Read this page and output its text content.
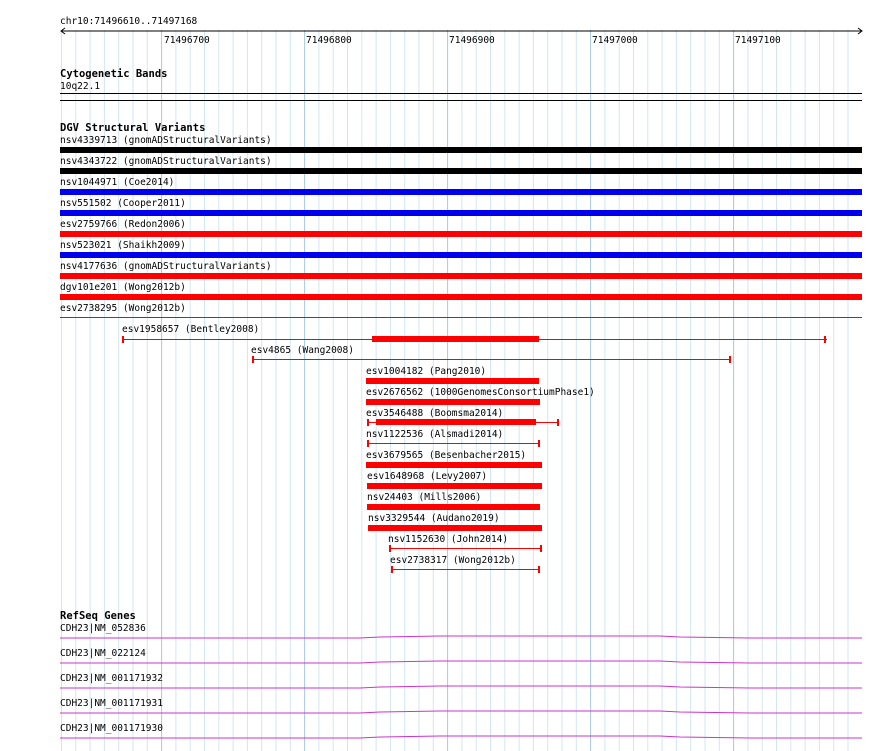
chr10:71496610..71497168
71496700	71496800	71496900	71497000	71497100
Cytogenetic Bands
10q22.1
DGV Structural Variants
nsv4339713 (gnomADStructuralVariants)
nsv4343722 (gnomADStructuralVariants)
nsv1044971 (Coe2014)
nsv551502 (Cooper2011)
esv2759766 (Redon2006)
nsv523021 (Shaikh2009)
nsv4177636 (gnomADStructuralVariants)
dgv101e201 (Wong2012b)
esv2738295 (Wong2012b)
esv1958657 (Bentley2008)
esv4865 (Wang2008)
esv1004182 (Pang2010)
esv2676562 (1000GenomesConsortiumPhase1)
esv3546488 (Boomsma2014)
nsv1122536 (Alsmadi2014)
esv3679565 (Besenbacher2015)
esv1648968 (Levy2007)
nsv24403 (Mills2006)
nsv3329544 (Audano2019)
nsv1152630 (John2014)
esv2738317 (Wong2012b)
RefSeq Genes
CDH23|NM_052836
CDH23|NM_022124
CDH23|NM_001171932
CDH23|NM_001171931
CDH23|NM_001171930
